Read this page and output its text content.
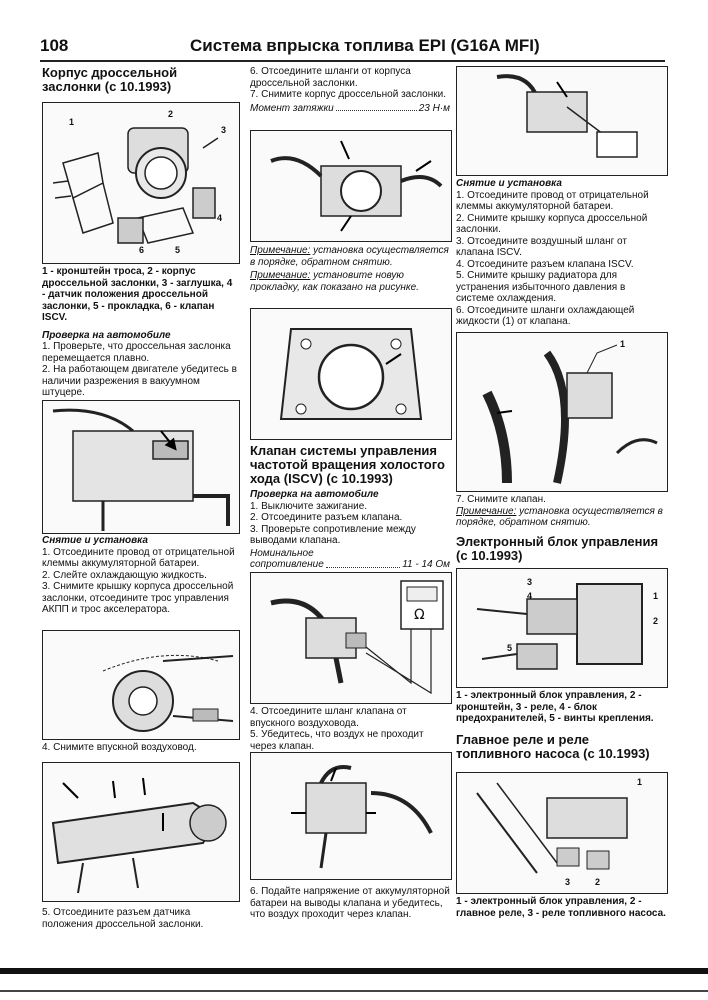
108	Система впрыска топлива EPI (G16A MFI)

Корпус дроссельной заслонки (с 10.1993)

1
2
3
4
5
6

1 - кронштейн троса, 2 - корпус дроссельной заслонки, 3 - заглушка, 4 - датчик положения дроссельной заслонки, 5 - прокладка, 6 - клапан ISCV.

Проверка на автомобиле

1. Проверьте, что дроссельная заслонка перемещается плавно.

2. На работающем двигателе убедитесь в наличии разрежения в вакуумном штуцере.

Снятие и установка

1. Отсоедините провод от отрицательной клеммы аккумуляторной батареи.

2. Слейте охлаждающую жидкость.

3. Снимите крышку корпуса дроссельной заслонки, отсоедините трос управления АКПП и трос акселератора.

4. Снимите впускной воздуховод.

5. Отсоедините разъем датчика положения дроссельной заслонки.

6. Отсоедините шланги от корпуса дроссельной заслонки.

7. Снимите корпус дроссельной заслонки.

Момент затяжки	23 Н·м

Примечание: установка осуществляется в порядке, обратном снятию.

Примечание: установите новую прокладку, как показано на рисунке.

Клапан системы управления частотой вращения холостого хода (ISCV) (с 10.1993)

Проверка на автомобиле

1. Выключите зажигание.

2. Отсоедините разъем клапана.

3. Проверьте сопротивление между выводами клапана.

Номинальное

сопротивление	11 - 14 Ом
Ω

4. Отсоедините шланг клапана от впускного воздуховода.

5. Убедитесь, что воздух не проходит через клапан.

6. Подайте напряжение от аккумуляторной батареи на выводы клапана и убедитесь, что воздух проходит через клапан.

Снятие и установка

1. Отсоедините провод от отрицательной клеммы аккумуляторной батареи.

2. Снимите крышку корпуса дроссельной заслонки.

3. Отсоедините воздушный шланг от клапана ISCV.

4. Отсоедините разъем клапана ISCV.

5. Снимите крышку радиатора для устранения избыточного давления в системе охлаждения.

6. Отсоедините шланги охлаждающей жидкости (1) от клапана.

1

7. Снимите клапан.

Примечание: установка осуществляется в порядке, обратном снятию.

Электронный блок управления (с 10.1993)

1
2
3
4
5

1 - электронный блок управления, 2 - кронштейн, 3 - реле, 4 - блок предохранителей, 5 - винты крепления.

Главное реле и реле топливного насоса (с 10.1993)

1
2
3

1 - электронный блок управления, 2 - главное реле, 3 - реле топливного насоса.
